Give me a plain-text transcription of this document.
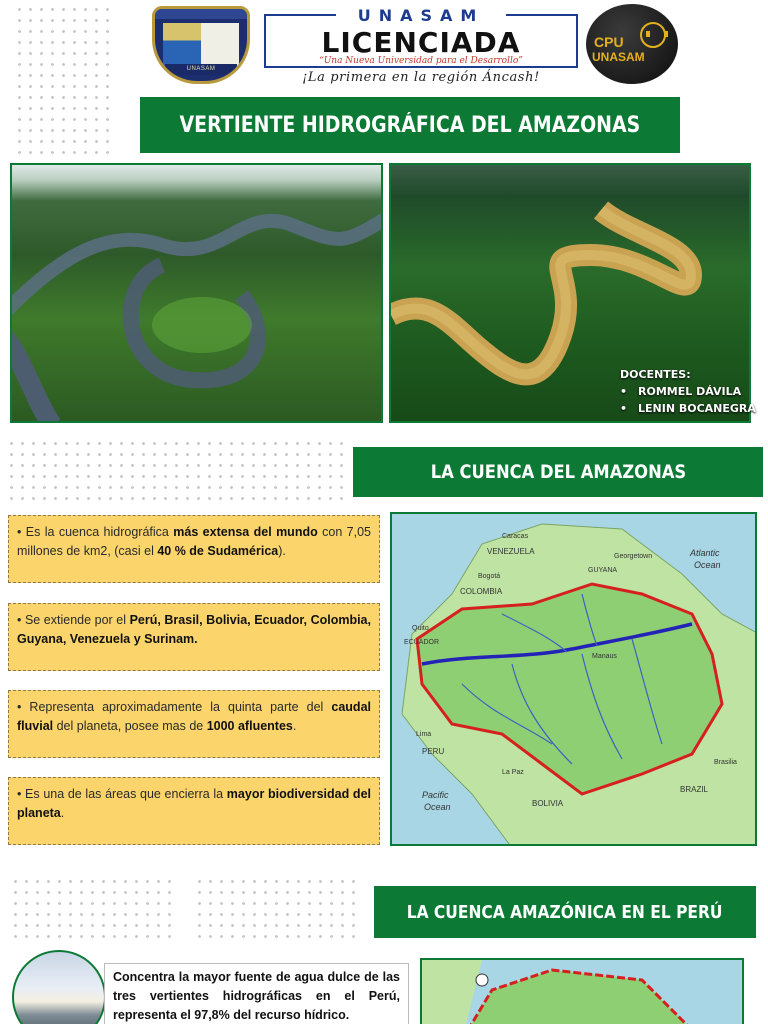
UNASAM
UNASAM
LICENCIADA
“Una Nueva Universidad para el Desarrollo”
¡La primera en la región Áncash!
CPU
UNASAM
VERTIENTE HIDROGRÁFICA DEL AMAZONAS
DOCENTES:
• ROMMEL DÁVILA
• LENIN BOCANEGRA
LA CUENCA DEL AMAZONAS
• Es la cuenca hidrográfica más extensa del mundo con 7,05 millones de km2, (casi el 40 % de Sudamérica).
• Se extiende por el Perú, Brasil, Bolivia, Ecuador, Colombia, Guyana, Venezuela y Surinam.
• Representa aproximadamente la quinta parte del caudal fluvial del planeta, posee mas de 1000 afluentes.
• Es una de las áreas que encierra la mayor biodiversidad del planeta.
Caracas
VENEZUELA
Georgetown
GUYANA
Atlantic
Ocean
Bogotá
COLOMBIA
Quito
ECUADOR
Manaus
PERU
Lima
Pacific
Ocean
BRAZIL
Brasilia
BOLIVIA
La Paz
LA CUENCA AMAZÓNICA EN EL PERÚ
Concentra la mayor fuente de agua dulce de las tres vertientes hidrográficas en el Perú, representa el 97,8% del recurso hídrico.
